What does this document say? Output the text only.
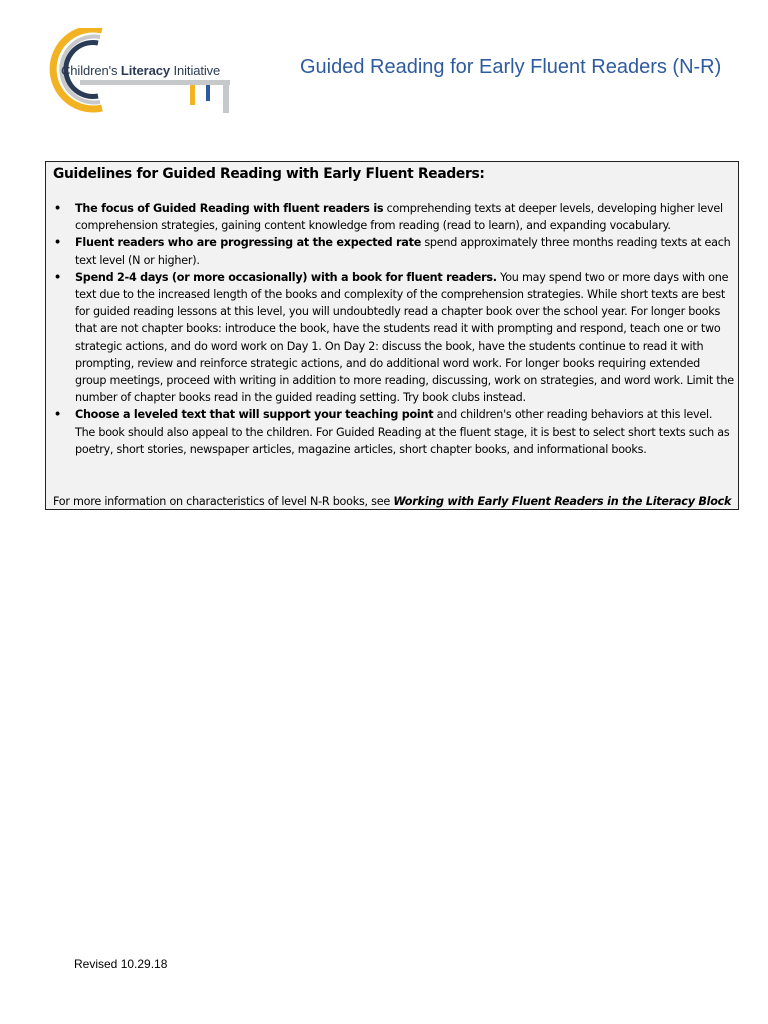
Children's Literacy Initiative	Guided Reading for Early Fluent Readers (N-R)
Guidelines for Guided Reading with Early Fluent Readers:
• The focus of Guided Reading with fluent readers is comprehending texts at deeper levels, developing higher level comprehension strategies, gaining content knowledge from reading (read to learn), and expanding vocabulary.
• Fluent readers who are progressing at the expected rate spend approximately three months reading texts at each text level (N or higher).
• Spend 2-4 days (or more occasionally) with a book for fluent readers. You may spend two or more days with one text due to the increased length of the books and complexity of the comprehension strategies. While short texts are best for guided reading lessons at this level, you will undoubtedly read a chapter book over the school year. For longer books that are not chapter books: introduce the book, have the students read it with prompting and respond, teach one or two strategic actions, and do word work on Day 1. On Day 2: discuss the book, have the students continue to read it with prompting, review and reinforce strategic actions, and do additional word work. For longer books requiring extended group meetings, proceed with writing in addition to more reading, discussing, work on strategies, and word work. Limit the number of chapter books read in the guided reading setting. Try book clubs instead.
• Choose a leveled text that will support your teaching point and children's other reading behaviors at this level. The book should also appeal to the children. For Guided Reading at the fluent stage, it is best to select short texts such as poetry, short stories, newspaper articles, magazine articles, short chapter books, and informational books.
For more information on characteristics of level N-R books, see Working with Early Fluent Readers in the Literacy Block
Revised 10.29.18
